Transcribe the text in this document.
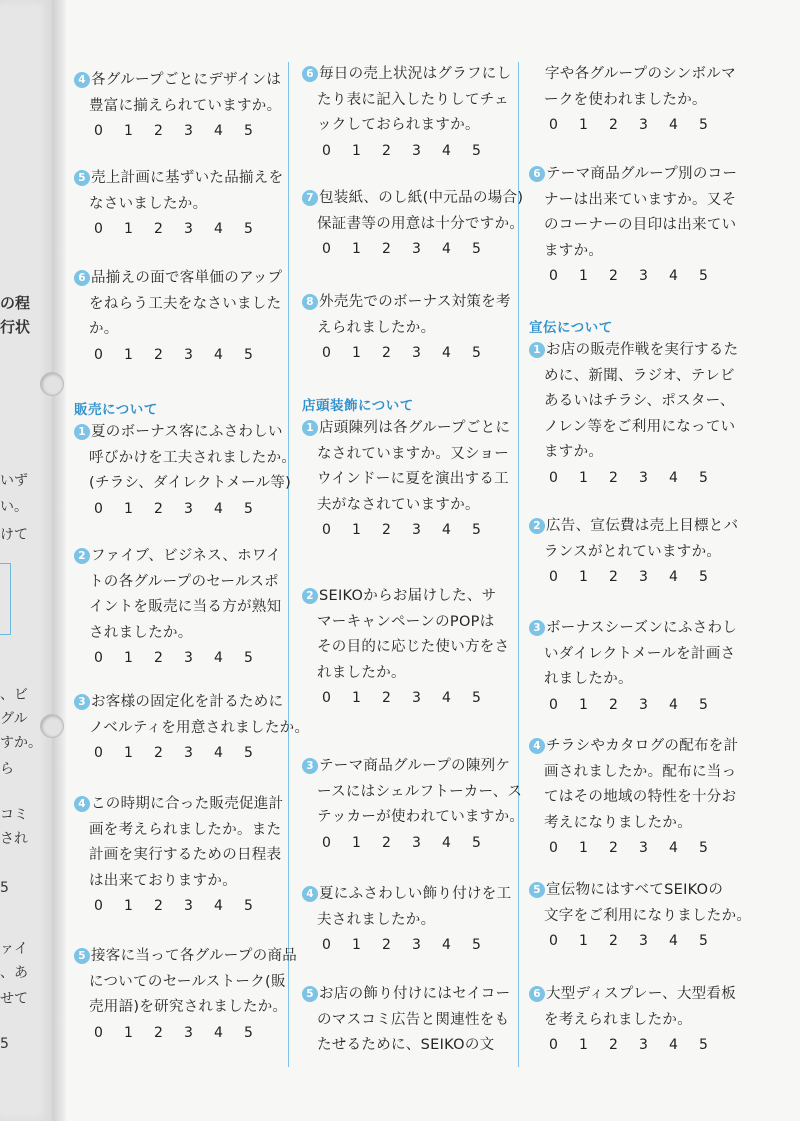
の程
行状
いず
い。
けて
、ビ
グル
すか。
ら
コミ
され
5
ァイ
、あ
せて
5
4 各グループごとにデザインは
豊富に揃えられていますか。
0	1	2	3	4	5
5 売上計画に基ずいた品揃えを
なさいましたか。
0	1	2	3	4	5
6 品揃えの面で客単価のアップ
をねらう工夫をなさいました
か。
0	1	2	3	4	5
販売について
1 夏のボーナス客にふさわしい
呼びかけを工夫されましたか。
(チラシ、ダイレクトメール等)
0	1	2	3	4	5
2 ファイブ、ビジネス、ホワイ
トの各グループのセールスポ
イントを販売に当る方が熟知
されましたか。
0	1	2	3	4	5
3 お客様の固定化を計るために
ノベルティを用意されましたか。
0	1	2	3	4	5
4 この時期に合った販売促進計
画を考えられましたか。また
計画を実行するための日程表
は出来ておりますか。
0	1	2	3	4	5
5 接客に当って各グループの商品
についてのセールストーク(販
売用語)を研究されましたか。
0	1	2	3	4	5
6 毎日の売上状況はグラフにし
たり表に記入したりしてチェ
ックしておられますか。
0	1	2	3	4	5
7 包装紙、のし紙(中元品の場合)
保証書等の用意は十分ですか。
0	1	2	3	4	5
8 外売先でのボーナス対策を考
えられましたか。
0	1	2	3	4	5
店頭装飾について
1 店頭陳列は各グループごとに
なされていますか。又ショー
ウインドーに夏を演出する工
夫がなされていますか。
0	1	2	3	4	5
2 SEIKOからお届けした、サ
マーキャンペーンのPOPは
その目的に応じた使い方をさ
れましたか。
0	1	2	3	4	5
3 テーマ商品グループの陳列ケ
ースにはシェルフトーカー、ス
テッカーが使われていますか。
0	1	2	3	4	5
4 夏にふさわしい飾り付けを工
夫されましたか。
0	1	2	3	4	5
5 お店の飾り付けにはセイコー
のマスコミ広告と関連性をも
たせるために、SEIKOの文
字や各グループのシンボルマ
ークを使われましたか。
0	1	2	3	4	5
6 テーマ商品グループ別のコー
ナーは出来ていますか。又そ
のコーナーの目印は出来てい
ますか。
0	1	2	3	4	5
宣伝について
1 お店の販売作戦を実行するた
めに、新聞、ラジオ、テレビ
あるいはチラシ、ポスター、
ノレン等をご利用になってい
ますか。
0	1	2	3	4	5
2 広告、宣伝費は売上目標とバ
ランスがとれていますか。
0	1	2	3	4	5
3 ボーナスシーズンにふさわし
いダイレクトメールを計画さ
れましたか。
0	1	2	3	4	5
4 チラシやカタログの配布を計
画されましたか。配布に当っ
てはその地域の特性を十分お
考えになりましたか。
0	1	2	3	4	5
5 宣伝物にはすべてSEIKOの
文字をご利用になりましたか。
0	1	2	3	4	5
6 大型ディスプレー、大型看板
を考えられましたか。
0	1	2	3	4	5
